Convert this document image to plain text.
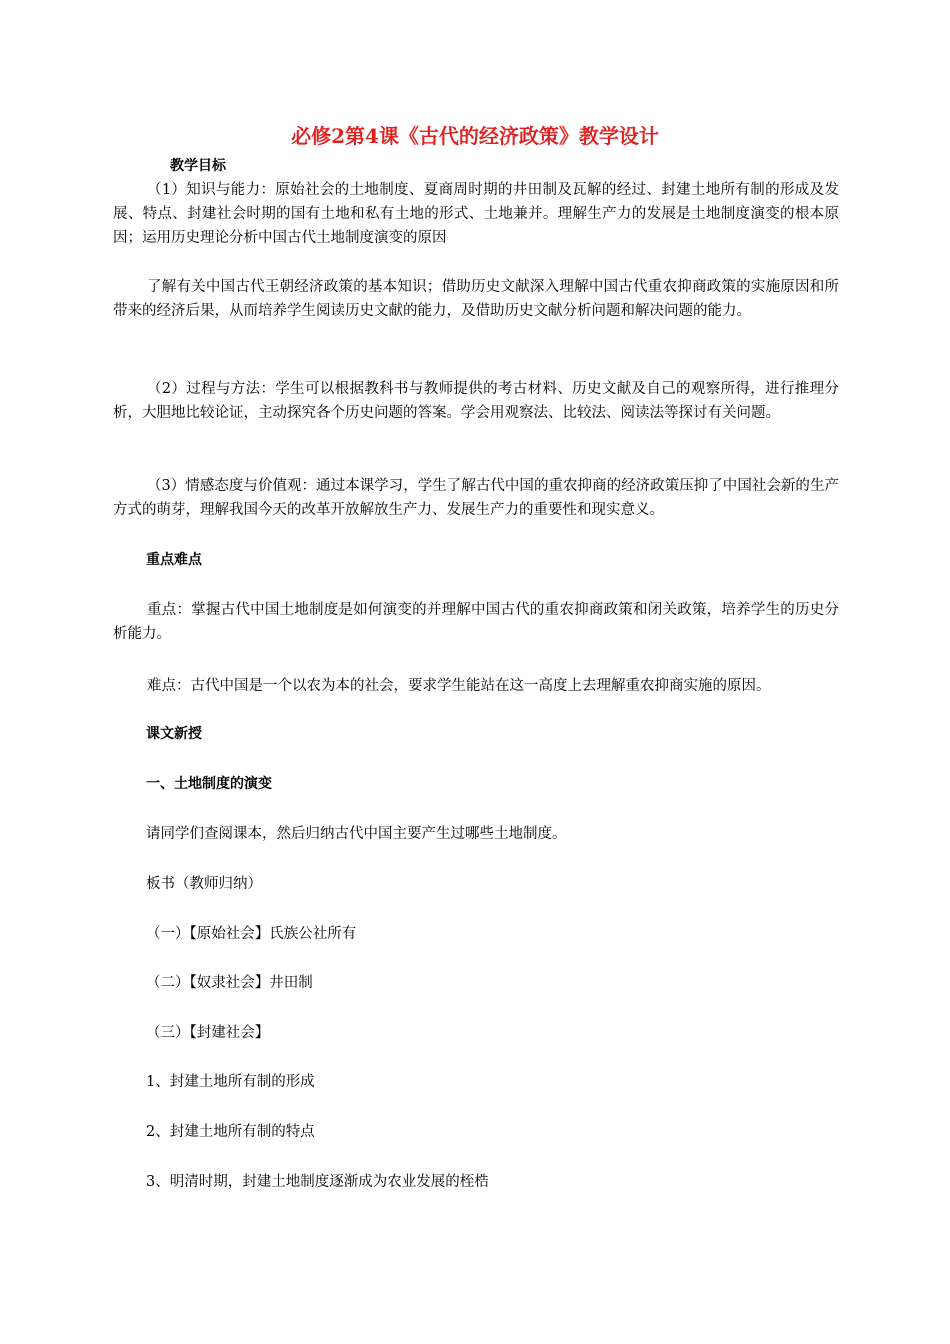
必修2第4课《古代的经济政策》教学设计
教学目标
（1）知识与能力：原始社会的土地制度、夏商周时期的井田制及瓦解的经过、封建土地所有制的形成及发展、特点、封建社会时期的国有土地和私有土地的形式、土地兼并。理解生产力的发展是土地制度演变的根本原因；运用历史理论分析中国古代土地制度演变的原因
了解有关中国古代王朝经济政策的基本知识；借助历史文献深入理解中国古代重农抑商政策的实施原因和所带来的经济后果，从而培养学生阅读历史文献的能力，及借助历史文献分析问题和解决问题的能力。
（2）过程与方法：学生可以根据教科书与教师提供的考古材料、历史文献及自己的观察所得，进行推理分析，大胆地比较论证，主动探究各个历史问题的答案。学会用观察法、比较法、阅读法等探讨有关问题。
（3）情感态度与价值观：通过本课学习，学生了解古代中国的重农抑商的经济政策压抑了中国社会新的生产方式的萌芽，理解我国今天的改革开放解放生产力、发展生产力的重要性和现实意义。
重点难点
重点：掌握古代中国土地制度是如何演变的并理解中国古代的重农抑商政策和闭关政策，培养学生的历史分析能力。
难点：古代中国是一个以农为本的社会，要求学生能站在这一高度上去理解重农抑商实施的原因。
课文新授
一、土地制度的演变
请同学们查阅课本，然后归纳古代中国主要产生过哪些土地制度。
板书（教师归纳）
（一）【原始社会】氏族公社所有
（二）【奴隶社会】井田制
（三）【封建社会】
1、封建土地所有制的形成
2、封建土地所有制的特点
3、明清时期，封建土地制度逐渐成为农业发展的桎梏
